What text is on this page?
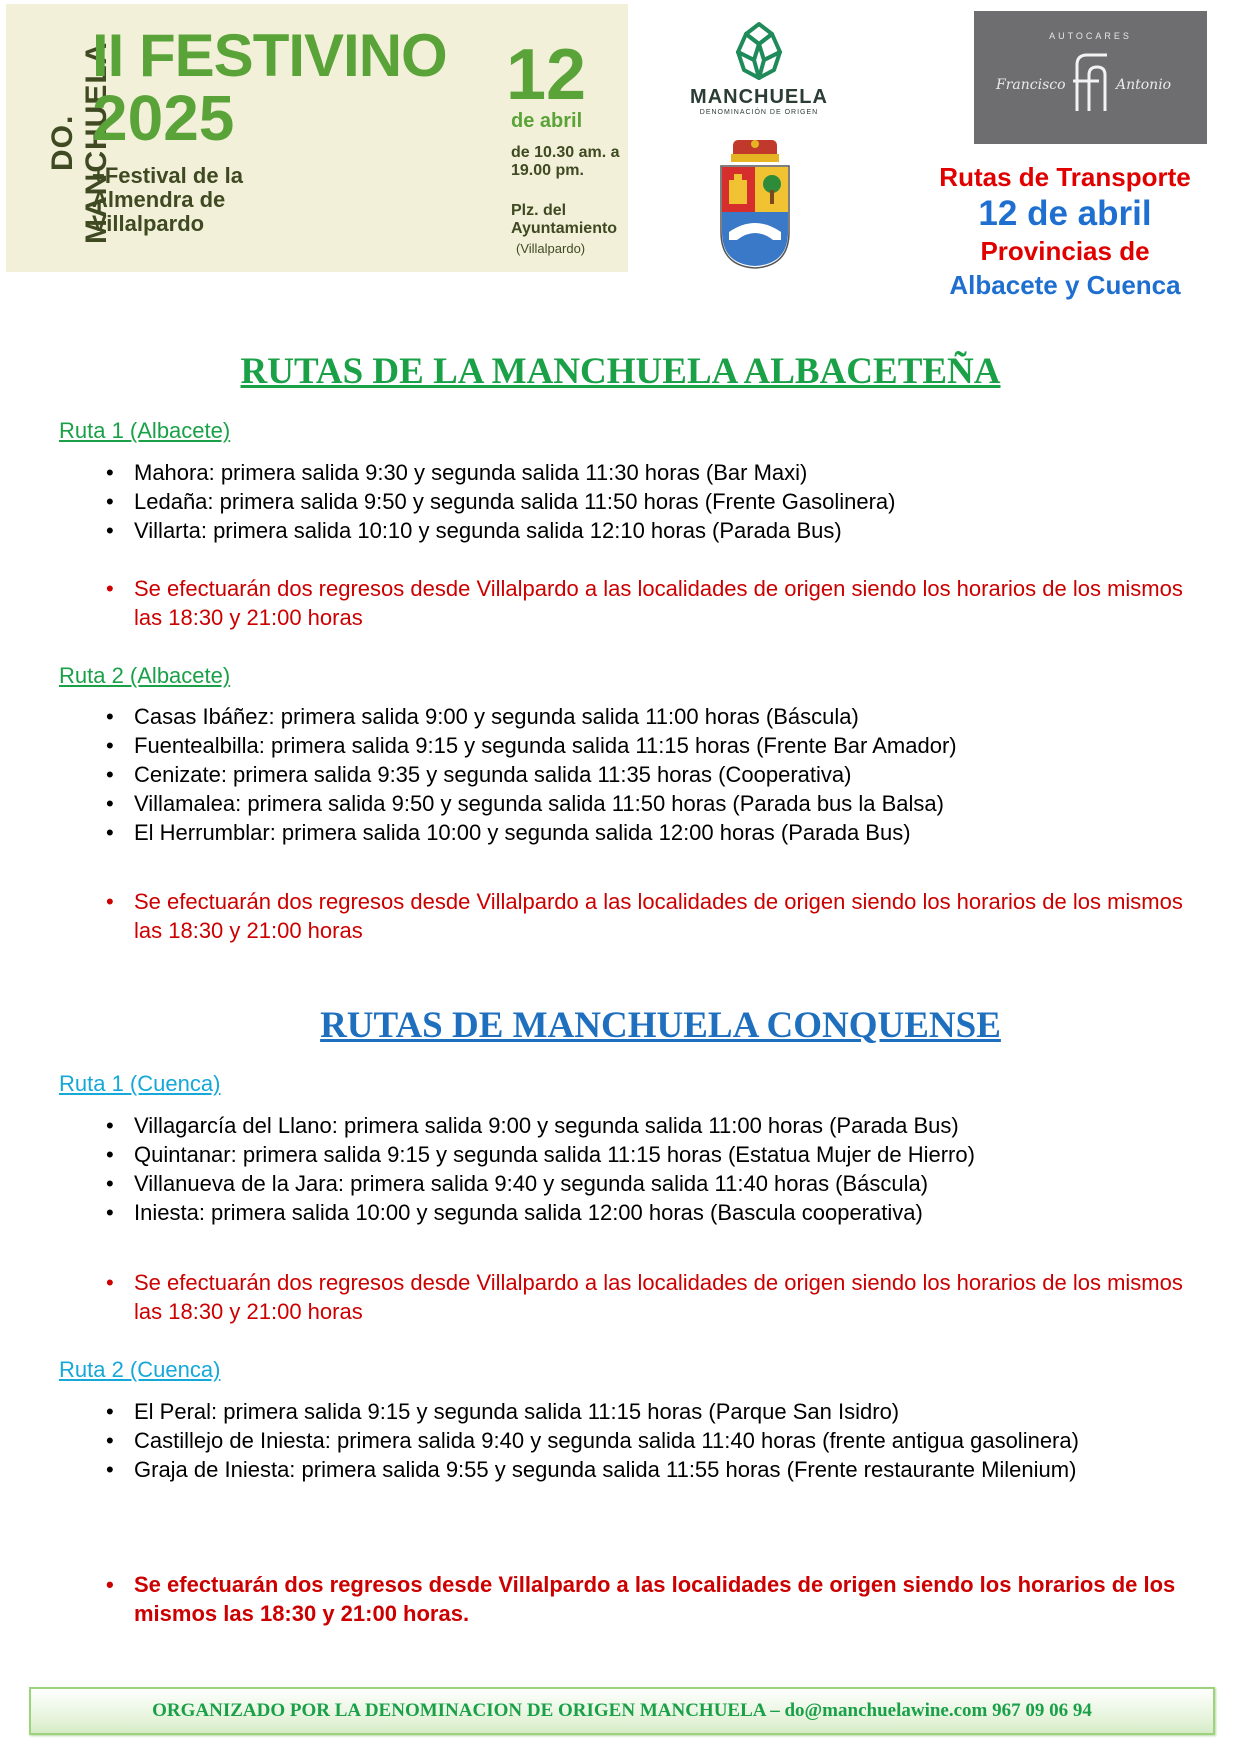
DO. MANCHUELA
II FESTIVINO
2025
+Festival de la Almendra de Villalpardo
12
de abril
de 10.30 am. a 19.00 pm.
Plz. del Ayuntamiento
(Villalpardo)
MANCHUELA
DENOMINACIÓN DE ORIGEN
AUTOCARES
Francisco	Antonio
Rutas de Transporte
12 de abril
Provincias de
Albacete y Cuenca
RUTAS DE LA MANCHUELA ALBACETEÑA
Ruta 1 (Albacete)
• Mahora: primera salida 9:30 y segunda salida 11:30 horas (Bar Maxi)
• Ledaña: primera salida 9:50 y segunda salida 11:50 horas (Frente Gasolinera)
• Villarta: primera salida 10:10 y segunda salida 12:10 horas (Parada Bus)
• Se efectuarán dos regresos desde Villalpardo a las localidades de origen siendo los horarios de los mismos las 18:30 y 21:00 horas
Ruta 2 (Albacete)
• Casas Ibáñez: primera salida 9:00 y segunda salida 11:00 horas (Báscula)
• Fuentealbilla: primera salida 9:15 y segunda salida 11:15 horas (Frente Bar Amador)
• Cenizate: primera salida 9:35 y segunda salida 11:35 horas (Cooperativa)
• Villamalea: primera salida 9:50 y segunda salida 11:50 horas (Parada bus la Balsa)
• El Herrumblar: primera salida 10:00 y segunda salida 12:00 horas (Parada Bus)
• Se efectuarán dos regresos desde Villalpardo a las localidades de origen siendo los horarios de los mismos las 18:30 y 21:00 horas
RUTAS DE MANCHUELA CONQUENSE
Ruta 1 (Cuenca)
• Villagarcía del Llano: primera salida 9:00 y segunda salida 11:00 horas (Parada Bus)
• Quintanar: primera salida 9:15 y segunda salida 11:15 horas (Estatua Mujer de Hierro)
• Villanueva de la Jara: primera salida 9:40 y segunda salida 11:40 horas (Báscula)
• Iniesta: primera salida 10:00 y segunda salida 12:00 horas (Bascula cooperativa)
• Se efectuarán dos regresos desde Villalpardo a las localidades de origen siendo los horarios de los mismos las 18:30 y 21:00 horas
Ruta 2 (Cuenca)
• El Peral: primera salida 9:15 y segunda salida 11:15 horas (Parque San Isidro)
• Castillejo de Iniesta: primera salida 9:40 y segunda salida 11:40 horas (frente antigua gasolinera)
• Graja de Iniesta: primera salida 9:55 y segunda salida 11:55 horas (Frente restaurante Milenium)
• Se efectuarán dos regresos desde Villalpardo a las localidades de origen siendo los horarios de los mismos las 18:30 y 21:00 horas.
ORGANIZADO POR LA DENOMINACION DE ORIGEN MANCHUELA – do@manchuelawine.com 967 09 06 94
